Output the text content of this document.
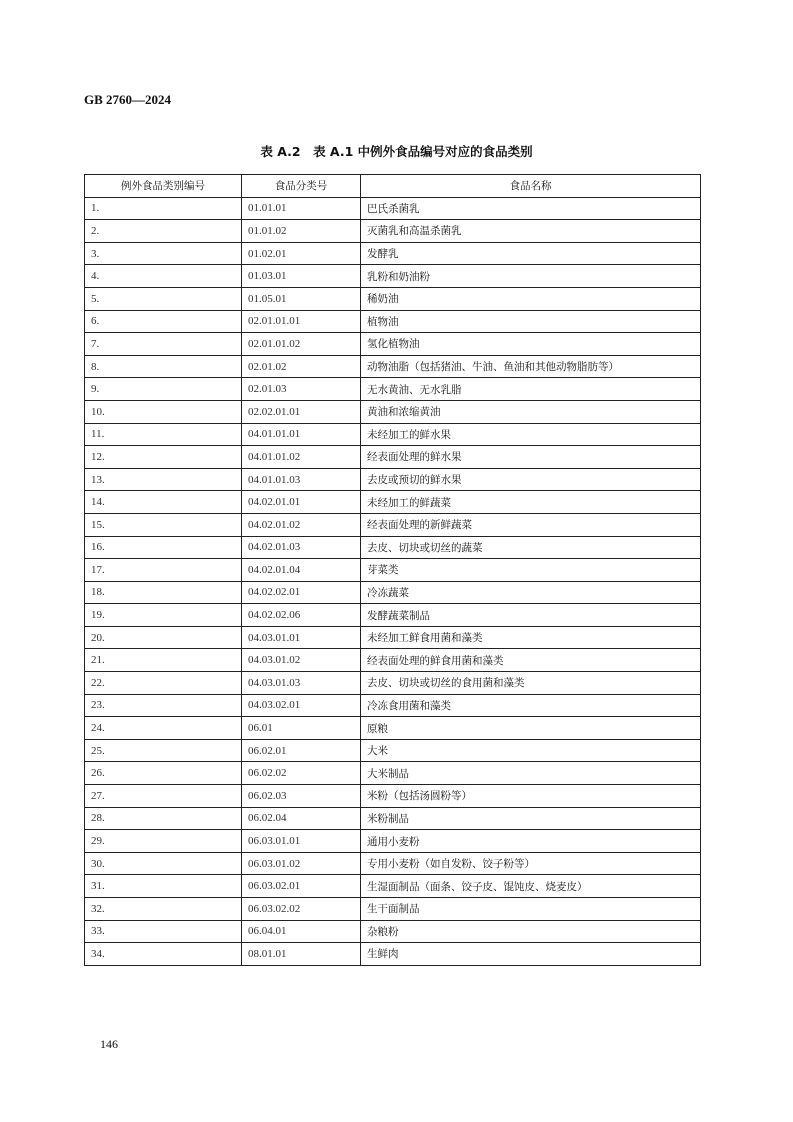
GB 2760—2024
表 A.2　表 A.1 中例外食品编号对应的食品类别
例外食品类别编号	食品分类号	食品名称
1.	01.01.01	巴氏杀菌乳
2.	01.01.02	灭菌乳和高温杀菌乳
3.	01.02.01	发酵乳
4.	01.03.01	乳粉和奶油粉
5.	01.05.01	稀奶油
6.	02.01.01.01	植物油
7.	02.01.01.02	氢化植物油
8.	02.01.02	动物油脂（包括猪油、牛油、鱼油和其他动物脂肪等）
9.	02.01.03	无水黄油、无水乳脂
10.	02.02.01.01	黄油和浓缩黄油
11.	04.01.01.01	未经加工的鲜水果
12.	04.01.01.02	经表面处理的鲜水果
13.	04.01.01.03	去皮或预切的鲜水果
14.	04.02.01.01	未经加工的鲜蔬菜
15.	04.02.01.02	经表面处理的新鲜蔬菜
16.	04.02.01.03	去皮、切块或切丝的蔬菜
17.	04.02.01.04	芽菜类
18.	04.02.02.01	冷冻蔬菜
19.	04.02.02.06	发酵蔬菜制品
20.	04.03.01.01	未经加工鲜食用菌和藻类
21.	04.03.01.02	经表面处理的鲜食用菌和藻类
22.	04.03.01.03	去皮、切块或切丝的食用菌和藻类
23.	04.03.02.01	冷冻食用菌和藻类
24.	06.01	原粮
25.	06.02.01	大米
26.	06.02.02	大米制品
27.	06.02.03	米粉（包括汤圆粉等）
28.	06.02.04	米粉制品
29.	06.03.01.01	通用小麦粉
30.	06.03.01.02	专用小麦粉（如自发粉、饺子粉等）
31.	06.03.02.01	生湿面制品（面条、饺子皮、馄饨皮、烧麦皮）
32.	06.03.02.02	生干面制品
33.	06.04.01	杂粮粉
34.	08.01.01	生鲜肉
146
